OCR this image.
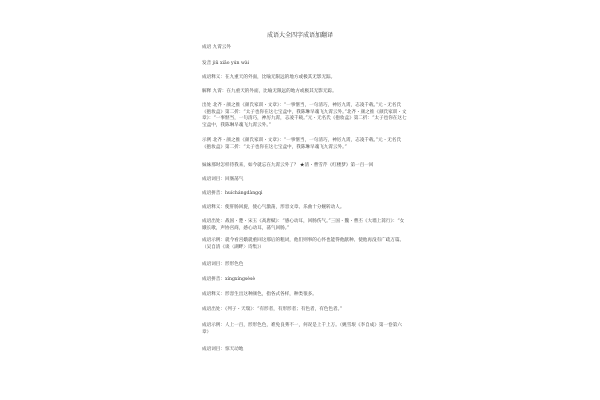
成语大全四字成语加翻译
成语 九霄云外
发音 jiǔ xiāo yún wài
成语释义：在九重天的外面，比喻无限远的地方或极其无影无踪。
解释 九霄：在九重天的外面，比喻无限远的地方或极其无影无踪。
出处 北齐・颜之推《颜氏家训・文章》：“一事惬当，一句清巧，神厉九霄，志凌千载。”元・无名氏《抱妆盒》第二折：“太子也你在这七宝盒中，我陈琳早魂飞九霄云外。”北齐・颜之推《颜氏家训・文章》：“一事惬当，一句清巧，神厉九霄，志凌千载。”元・无名氏《抱妆盒》第二折：“太子也你在这七宝盒中，我陈琳早魂飞九霄云外。”
示例 北齐・颜之推《颜氏家训・文章》：“一事惬当，一句清巧，神厉九霄，志凌千载。”元・无名氏《抱妆盒》第二折：“太子也你在这七宝盒中，我陈琳早魂飞九霄云外。”
妹妹那时怎样待我来，如今就忘在九霄云外了？ ★清・曹雪芹《红楼梦》第一百一回
成语词目：回肠荡气
成语拼音：huíchángdàngqì
成语释义：使肝肠回旋，使心气激荡，形容文章、乐曲十分婉转动人。
成语出处：战国・楚・宋玉《高唐赋》：“感心动耳，回肠伤气。”三国・魏・曹丕《大墙上蒿行》：“女娥长歌，声协宫商，感心动耳，荡气回肠。”
成语示例：就今看宫娥就重回这那后的粗词，他们则事的心怀也能得他献种、使他再没有广疏万篇。（吴自清《谈〈湖畔〉诗集》）
成语词目：形形色色
成语拼音：xíngxíngsèsè
成语释义：形容生出这种颜色，指各式各样，种类很多。
成语出处：《列子・天瑞》：“有形者，有形形者；有色者，有色色者。”
成语示例：人上一百，形形色色，难免良莠不一，何况是上千上万。（姚雪垠《李自成》第一卷第六章）
成语词目：惊天动地
